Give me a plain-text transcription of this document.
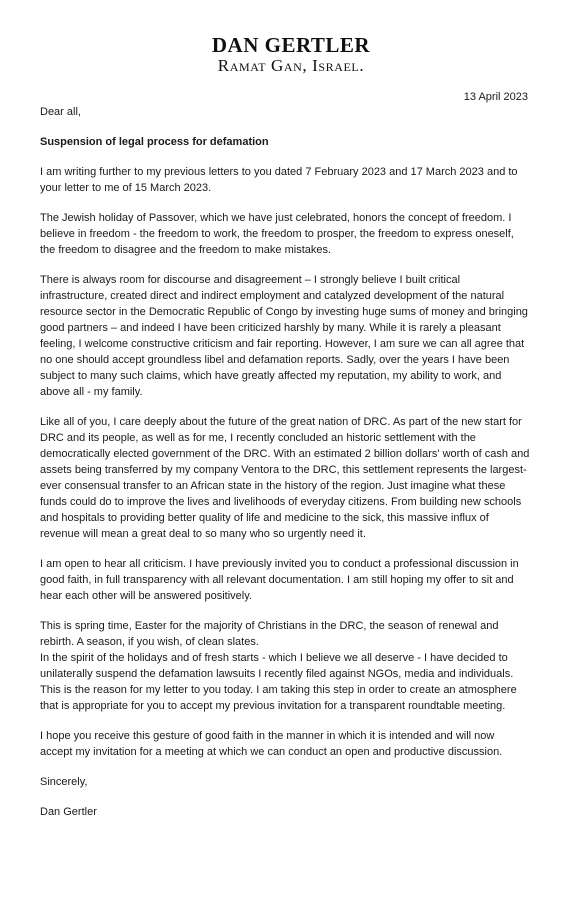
DAN GERTLER
Ramat Gan, Israel.
13 April 2023

Dear all,

Suspension of legal process for defamation

I am writing further to my previous letters to you dated 7 February 2023 and 17 March 2023 and to
your letter to me of 15 March 2023.

The Jewish holiday of Passover, which we have just celebrated, honors the concept of freedom. I
believe in freedom - the freedom to work, the freedom to prosper, the freedom to express oneself,
the freedom to disagree and the freedom to make mistakes.

There is always room for discourse and disagreement – I strongly believe I built critical
infrastructure, created direct and indirect employment and catalyzed development of the natural
resource sector in the Democratic Republic of Congo by investing huge sums of money and bringing
good partners – and indeed I have been criticized harshly by many. While it is rarely a pleasant
feeling, I welcome constructive criticism and fair reporting. However, I am sure we can all agree that
no one should accept groundless libel and defamation reports. Sadly, over the years I have been
subject to many such claims, which have greatly affected my reputation, my ability to work, and
above all - my family.

Like all of you, I care deeply about the future of the great nation of DRC. As part of the new start for
DRC and its people, as well as for me, I recently concluded an historic settlement with the
democratically elected government of the DRC. With an estimated 2 billion dollars' worth of cash and
assets being transferred by my company Ventora to the DRC, this settlement represents the largest-
ever consensual transfer to an African state in the history of the region. Just imagine what these
funds could do to improve the lives and livelihoods of everyday citizens. From building new schools
and hospitals to providing better quality of life and medicine to the sick, this massive influx of
revenue will mean a great deal to so many who so urgently need it.

I am open to hear all criticism. I have previously invited you to conduct a professional discussion in
good faith, in full transparency with all relevant documentation. I am still hoping my offer to sit and
hear each other will be answered positively.

This is spring time, Easter for the majority of Christians in the DRC, the season of renewal and
rebirth. A season, if you wish, of clean slates.

In the spirit of the holidays and of fresh starts - which I believe we all deserve - I have decided to
unilaterally suspend the defamation lawsuits I recently filed against NGOs, media and individuals.
This is the reason for my letter to you today. I am taking this step in order to create an atmosphere
that is appropriate for you to accept my previous invitation for a transparent roundtable meeting.

I hope you receive this gesture of good faith in the manner in which it is intended and will now
accept my invitation for a meeting at which we can conduct an open and productive discussion.

Sincerely,

Dan Gertler
